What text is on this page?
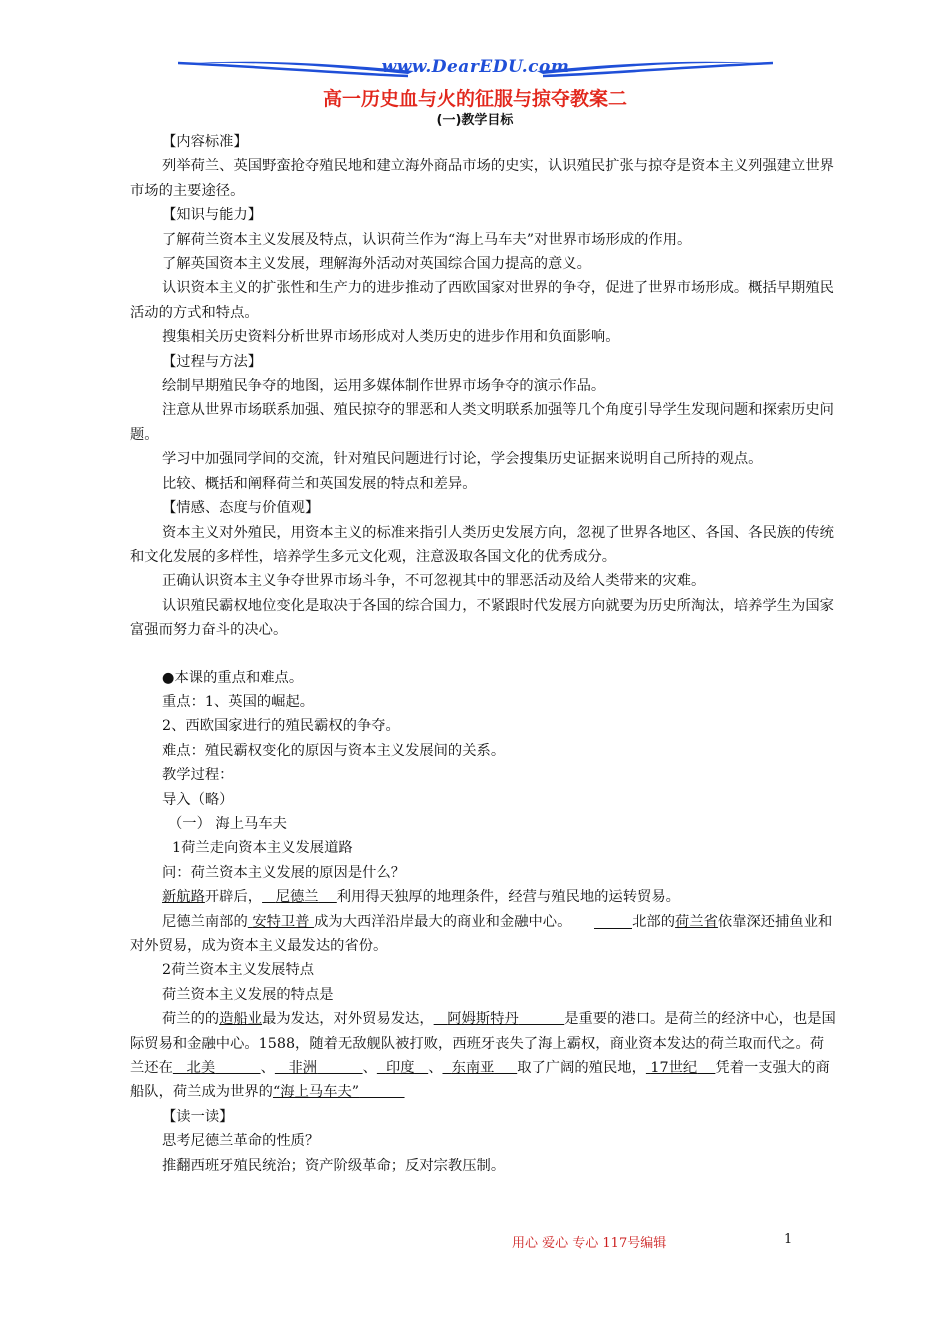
www.DearEDU.com
高一历史血与火的征服与掠夺教案二
(一)教学目标

【内容标准】

列举荷兰、英国野蛮抢夺殖民地和建立海外商品市场的史实，认识殖民扩张与掠夺是资本主义列强建立世界市场的主要途径。

【知识与能力】

了解荷兰资本主义发展及特点，认识荷兰作为“海上马车夫”对世界市场形成的作用。

了解英国资本主义发展，理解海外活动对英国综合国力提高的意义。

认识资本主义的扩张性和生产力的进步推动了西欧国家对世界的争夺，促进了世界市场形成。概括早期殖民活动的方式和特点。

搜集相关历史资料分析世界市场形成对人类历史的进步作用和负面影响。

【过程与方法】

绘制早期殖民争夺的地图，运用多媒体制作世界市场争夺的演示作品。

注意从世界市场联系加强、殖民掠夺的罪恶和人类文明联系加强等几个角度引导学生发现问题和探索历史问题。

学习中加强同学间的交流，针对殖民问题进行讨论，学会搜集历史证据来说明自己所持的观点。

比较、概括和阐释荷兰和英国发展的特点和差异。

【情感、态度与价值观】

资本主义对外殖民，用资本主义的标准来指引人类历史发展方向，忽视了世界各地区、各国、各民族的传统和文化发展的多样性，培养学生多元文化观，注意汲取各国文化的优秀成分。

正确认识资本主义争夺世界市场斗争，不可忽视其中的罪恶活动及给人类带来的灾难。

认识殖民霸权地位变化是取决于各国的综合国力，不紧跟时代发展方向就要为历史所淘汰，培养学生为国家富强而努力奋斗的决心。

●本课的重点和难点。

重点：1、英国的崛起。

2、西欧国家进行的殖民霸权的争夺。

难点：殖民霸权变化的原因与资本主义发展间的关系。

教学过程：

导入（略）

（一） 海上马车夫

1荷兰走向资本主义发展道路

问：荷兰资本主义发展的原因是什么？

新航路开辟后， 尼德兰 利用得天独厚的地理条件，经营与殖民地的运转贸易。

尼德兰南部的 安特卫普 成为大西洋沿岸最大的商业和金融中心。	北部的荷兰省依靠深还捕鱼业和对外贸易，成为资本主义最发达的省份。

2荷兰资本主义发展特点

荷兰资本主义发展的特点是

荷兰的的造船业最为发达，对外贸易发达， 阿姆斯特丹	是重要的港口。是荷兰的经济中心，也是国际贸易和金融中心。1588，随着无敌舰队被打败，西班牙丧失了海上霸权，商业资本发达的荷兰取而代之。荷兰还在 北美	、 非洲	、 印度 、 东南亚 取了广阔的殖民地， 17世纪 凭着一支强大的商船队，荷兰成为世界的“海上马车夫”

【读一读】

思考尼德兰革命的性质？

推翻西班牙殖民统治；资产阶级革命；反对宗教压制。

用心 爱心 专心 117号编辑	1
